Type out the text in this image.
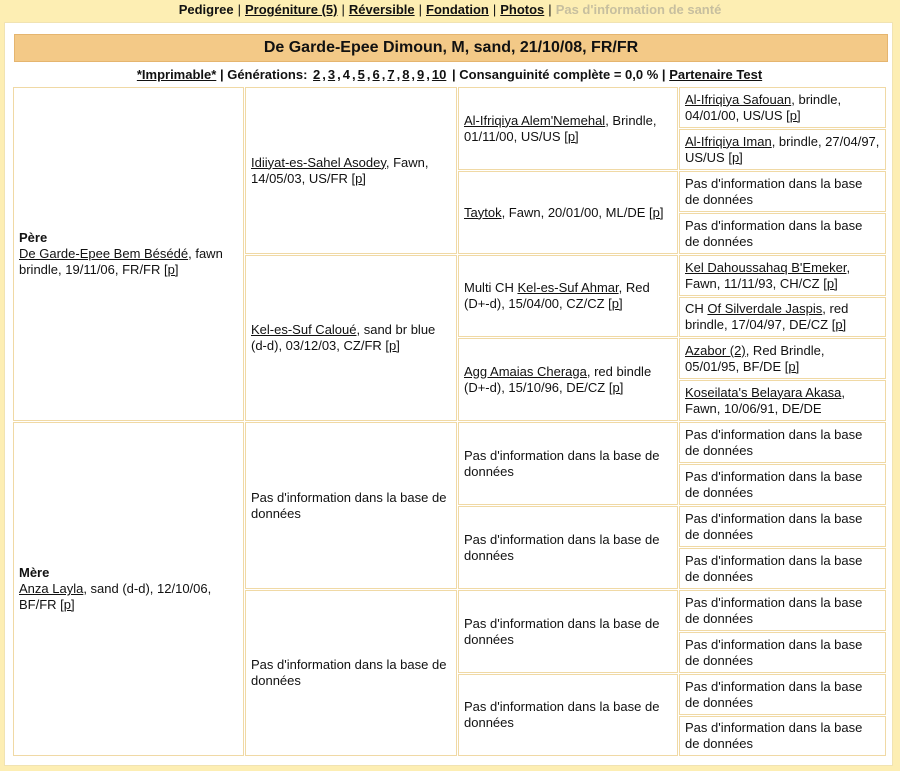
Pedigree | Progéniture (5) | Réversible | Fondation | Photos | Pas d'information de santé
De Garde-Epee Dimoun, M, sand, 21/10/08, FR/FR
*Imprimable* | Générations: 2 , 3 , 4 , 5 , 6 , 7 , 8 , 9 , 10 | Consanguinité complète = 0,0 % | Partenaire Test
Père
De Garde-Epee Bem Bésédé, fawn brindle, 19/11/06, FR/FR [p]
Mère
Anza Layla, sand (d-d), 12/10/06, BF/FR [p]
Idiiyat-es-Sahel Asodey, Fawn, 14/05/03, US/FR [p]
Kel-es-Suf Caloué, sand br blue (d-d), 03/12/03, CZ/FR [p]
Pas d'information dans la base de données
Pas d'information dans la base de données
Al-Ifriqiya Alem'Nemehal, Brindle, 01/11/00, US/US [p]
Taytok, Fawn, 20/01/00, ML/DE [p]
Multi CH Kel-es-Suf Ahmar, Red (D+-d), 15/04/00, CZ/CZ [p]
Agg Amaias Cheraga, red bindle (D+-d), 15/10/96, DE/CZ [p]
Pas d'information dans la base de données
Pas d'information dans la base de données
Pas d'information dans la base de données
Pas d'information dans la base de données
Al-Ifriqiya Safouan, brindle, 04/01/00, US/US [p]
Al-Ifriqiya Iman, brindle, 27/04/97, US/US [p]
Pas d'information dans la base de données
Pas d'information dans la base de données
Kel Dahoussahaq B'Emeker, Fawn, 11/11/93, CH/CZ [p]
CH Of Silverdale Jaspis, red brindle, 17/04/97, DE/CZ [p]
Azabor (2), Red Brindle, 05/01/95, BF/DE [p]
Koseilata's Belayara Akasa, Fawn, 10/06/91, DE/DE
Pas d'information dans la base de données
Pas d'information dans la base de données
Pas d'information dans la base de données
Pas d'information dans la base de données
Pas d'information dans la base de données
Pas d'information dans la base de données
Pas d'information dans la base de données
Pas d'information dans la base de données
